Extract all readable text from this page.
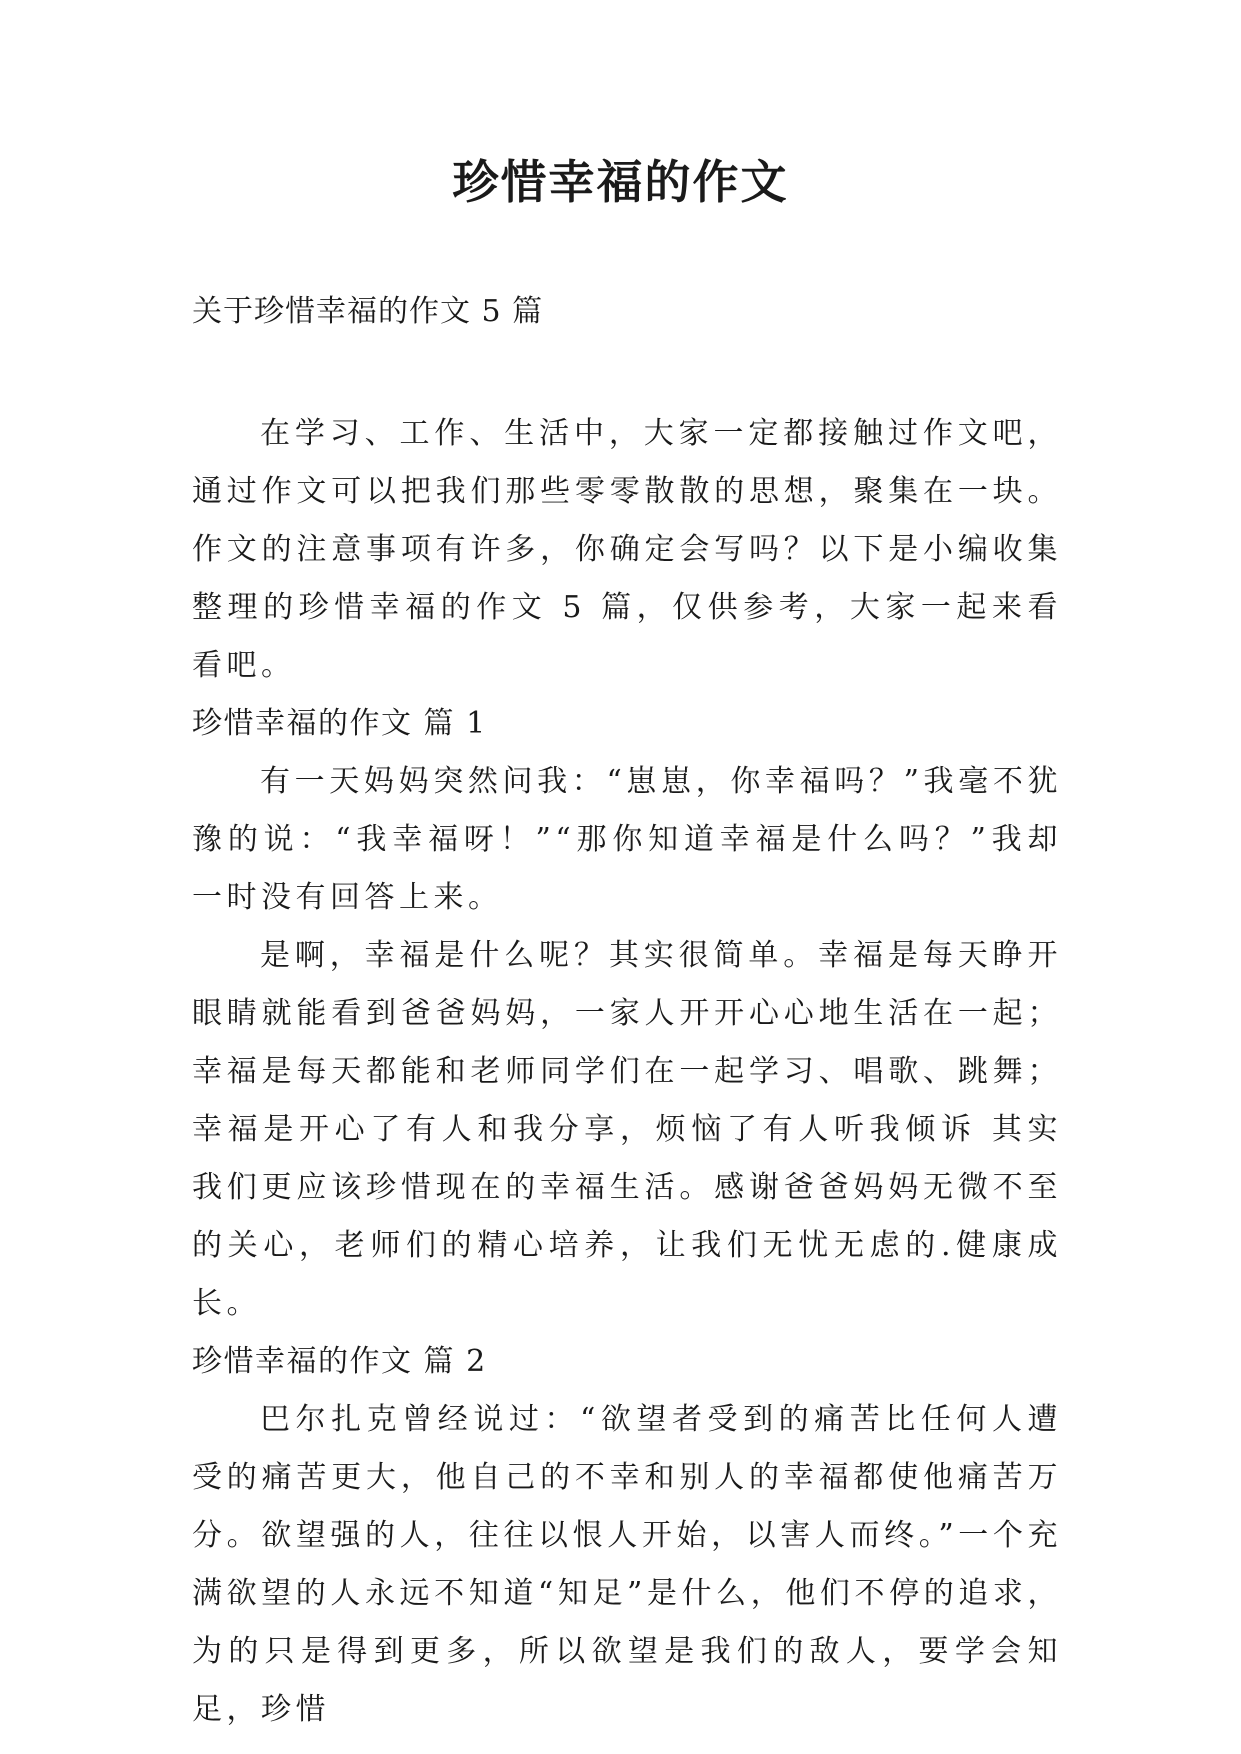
珍惜幸福的作文
关于珍惜幸福的作文 5 篇

在学习、工作、生活中，大家一定都接触过作文吧，通过作文可以把我们那些零零散散的思想，聚集在一块。作文的注意事项有许多，你确定会写吗？以下是小编收集整理的珍惜幸福的作文 5 篇，仅供参考，大家一起来看看吧。

珍惜幸福的作文 篇 1

有一天妈妈突然问我：“崽崽，你幸福吗？”我毫不犹豫的说：“我幸福呀！”“那你知道幸福是什么吗？”我却一时没有回答上来。

是啊，幸福是什么呢？其实很简单。幸福是每天睁开眼睛就能看到爸爸妈妈，一家人开开心心地生活在一起；幸福是每天都能和老师同学们在一起学习、唱歌、跳舞；幸福是开心了有人和我分享，烦恼了有人听我倾诉 其实我们更应该珍惜现在的幸福生活。感谢爸爸妈妈无微不至的关心，老师们的精心培养，让我们无忧无虑的.健康成长。

珍惜幸福的作文 篇 2

巴尔扎克曾经说过：“欲望者受到的痛苦比任何人遭受的痛苦更大，他自己的不幸和别人的幸福都使他痛苦万分。欲望强的人，往往以恨人开始，以害人而终。”一个充满欲望的人永远不知道“知足”是什么，他们不停的追求，为的只是得到更多，所以欲望是我们的敌人，要学会知足，珍惜
